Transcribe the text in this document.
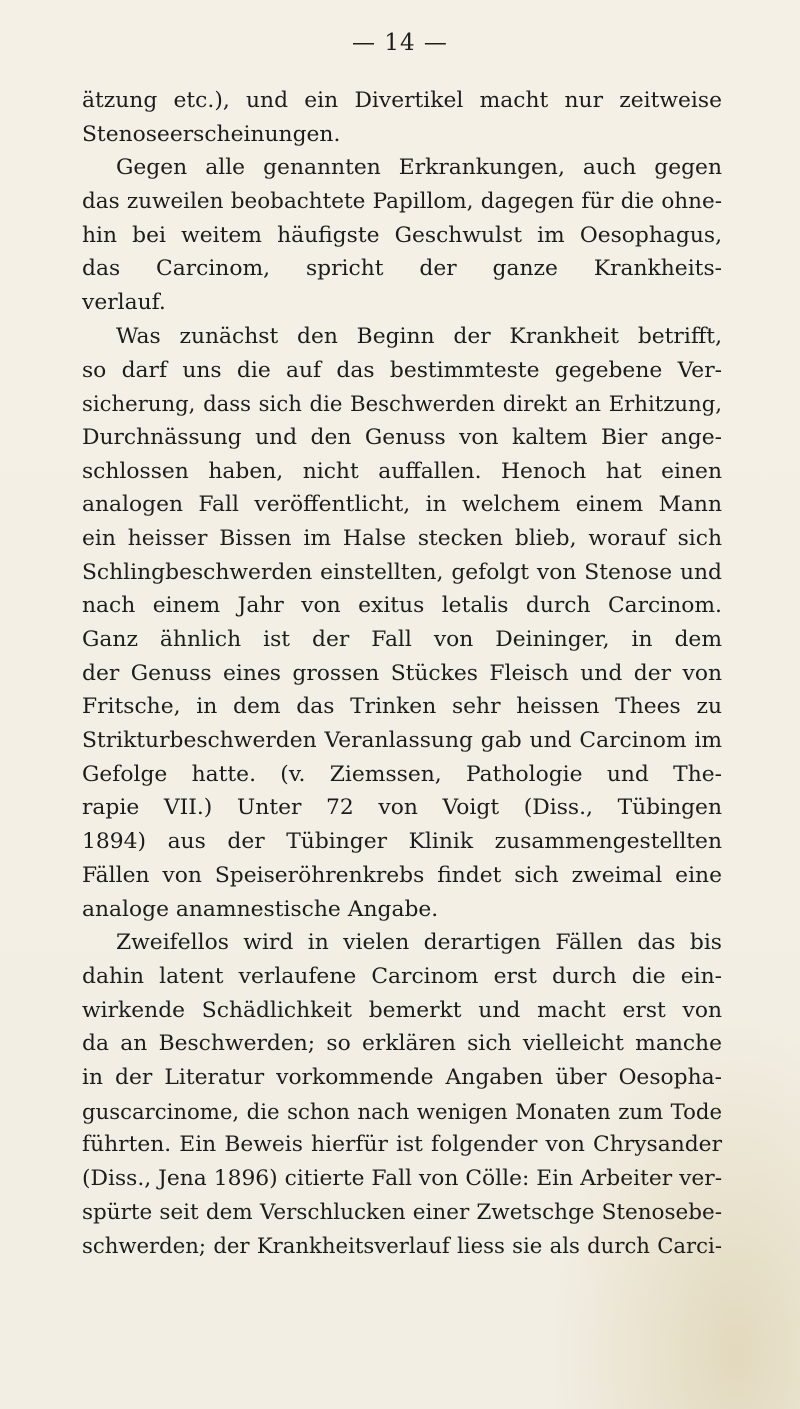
— 14 —
ätzung etc.), und ein Divertikel macht nur zeitweise
Stenoseerscheinungen.
Gegen alle genannten Erkrankungen, auch gegen
das zuweilen beobachtete Papillom, dagegen für die ohne-
hin bei weitem häufigste Geschwulst im Oesophagus,
das Carcinom, spricht der ganze Krankheits-
verlauf.
Was zunächst den Beginn der Krankheit betrifft,
so darf uns die auf das bestimmteste gegebene Ver-
sicherung, dass sich die Beschwerden direkt an Erhitzung,
Durchnässung und den Genuss von kaltem Bier ange-
schlossen haben, nicht auffallen. Henoch hat einen
analogen Fall veröffentlicht, in welchem einem Mann
ein heisser Bissen im Halse stecken blieb, worauf sich
Schlingbeschwerden einstellten, gefolgt von Stenose und
nach einem Jahr von exitus letalis durch Carcinom.
Ganz ähnlich ist der Fall von Deininger, in dem
der Genuss eines grossen Stückes Fleisch und der von
Fritsche, in dem das Trinken sehr heissen Thees zu
Strikturbeschwerden Veranlassung gab und Carcinom im
Gefolge hatte. (v. Ziemssen, Pathologie und The-
rapie VII.) Unter 72 von Voigt (Diss., Tübingen
1894) aus der Tübinger Klinik zusammengestellten
Fällen von Speiseröhrenkrebs findet sich zweimal eine
analoge anamnestische Angabe.
Zweifellos wird in vielen derartigen Fällen das bis
dahin latent verlaufene Carcinom erst durch die ein-
wirkende Schädlichkeit bemerkt und macht erst von
da an Beschwerden; so erklären sich vielleicht manche
in der Literatur vorkommende Angaben über Oesopha-
guscarcinome, die schon nach wenigen Monaten zum Tode
führten. Ein Beweis hierfür ist folgender von Chrysander
(Diss., Jena 1896) citierte Fall von Cölle: Ein Arbeiter ver-
spürte seit dem Verschlucken einer Zwetschge Stenosebe-
schwerden; der Krankheitsverlauf liess sie als durch Carci-
